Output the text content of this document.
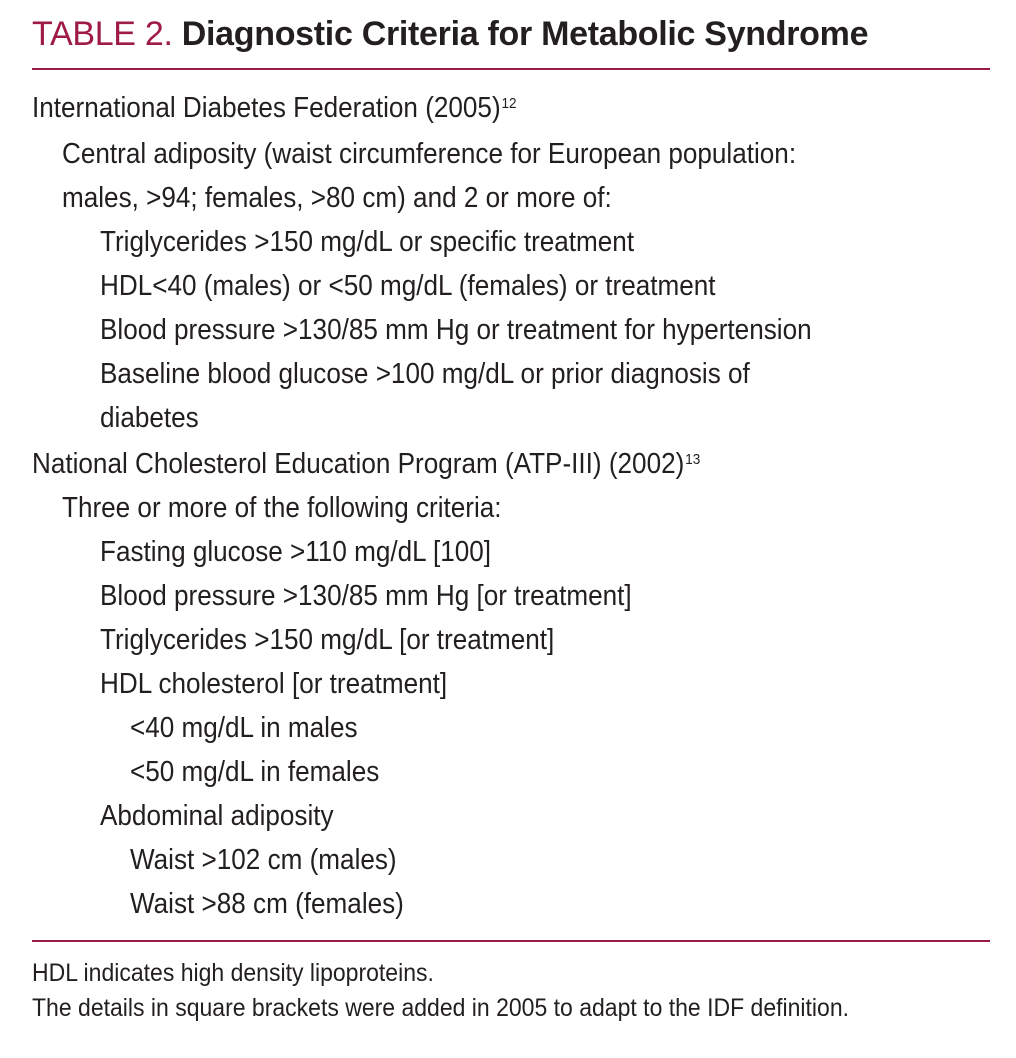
TABLE 2. Diagnostic Criteria for Metabolic Syndrome
International Diabetes Federation $(2005)^{12}$
Central adiposity (waist circumference for European population:
males, >94; females, >80 cm) and 2 or more of:
Triglycerides >150 mg/dL or specific treatment
HDL<40 (males) or <50 mg/dL (females) or treatment
Blood pressure >130/85 mm Hg or treatment for hypertension
Baseline blood glucose >100 mg/dL or prior diagnosis of
diabetes
National Cholesterol Education Program (ATP-III) $(2002)^{13}$
Three or more of the following criteria:
Fasting glucose >110 mg/dL [100]
Blood pressure >130/85 mm Hg [or treatment]
Triglycerides >150 mg/dL [or treatment]
HDL cholesterol [or treatment]
<40 mg/dL in males
<50 mg/dL in females
Abdominal adiposity
Waist >102 cm (males)
Waist >88 cm (females)
HDL indicates high density lipoproteins.
The details in square brackets were added in 2005 to adapt to the IDF definition.
